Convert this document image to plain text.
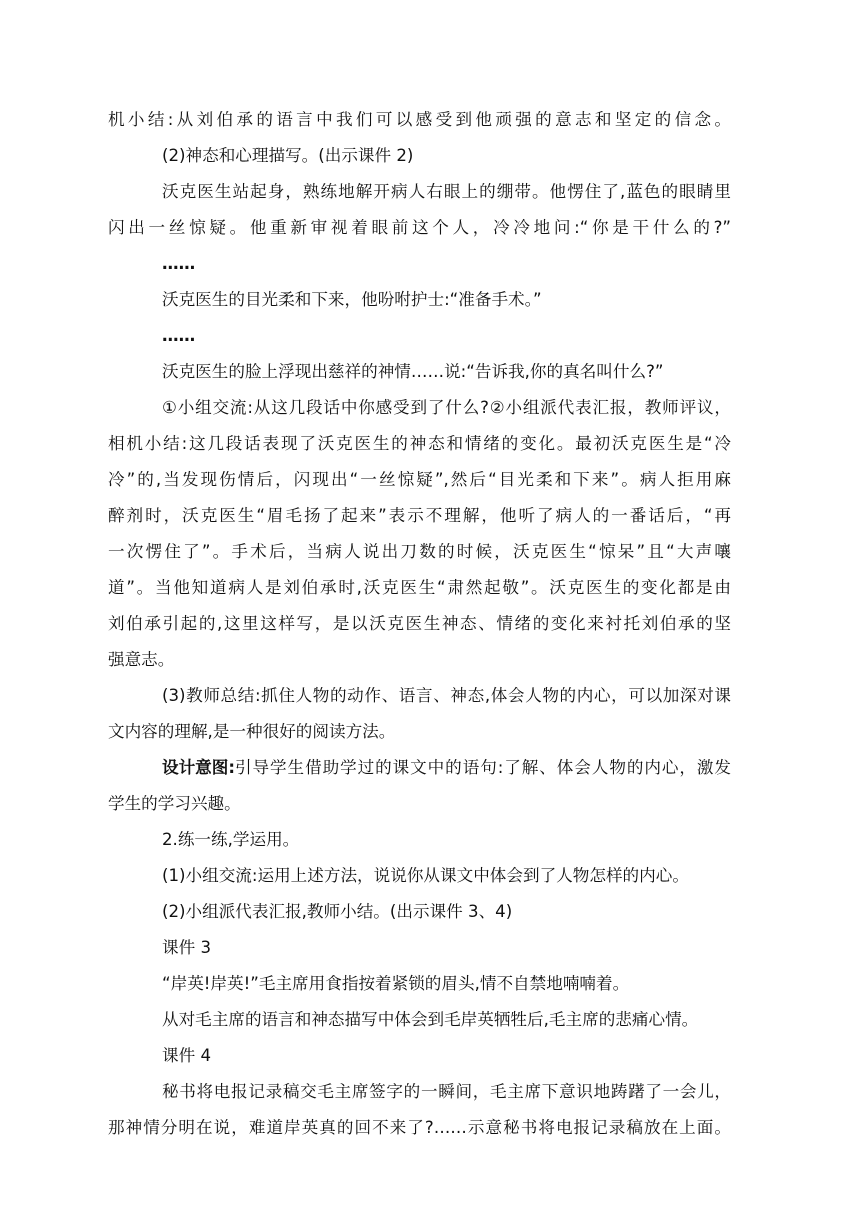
机小结:从刘伯承的语言中我们可以感受到他顽强的意志和坚定的信念。
(2)神态和心理描写。(出示课件 2)
沃克医生站起身，熟练地解开病人右眼上的绷带。他愣住了,蓝色的眼睛里
闪出一丝惊疑。他重新审视着眼前这个人，冷冷地问:“你是干什么的?”
……
沃克医生的目光柔和下来，他吩咐护士:“准备手术。”
……
沃克医生的脸上浮现出慈祥的神情……说:“告诉我,你的真名叫什么?”
①小组交流:从这几段话中你感受到了什么?②小组派代表汇报，教师评议，
相机小结:这几段话表现了沃克医生的神态和情绪的变化。最初沃克医生是“冷
冷”的,当发现伤情后，闪现出“一丝惊疑”,然后“目光柔和下来”。病人拒用麻
醉剂时，沃克医生“眉毛扬了起来”表示不理解，他听了病人的一番话后，“再
一次愣住了”。手术后，当病人说出刀数的时候，沃克医生“惊呆”且“大声嚷
道”。当他知道病人是刘伯承时,沃克医生“肃然起敬”。沃克医生的变化都是由
刘伯承引起的,这里这样写，是以沃克医生神态、情绪的变化来衬托刘伯承的坚
强意志。
(3)教师总结:抓住人物的动作、语言、神态,体会人物的内心，可以加深对课
文内容的理解,是一种很好的阅读方法。
设计意图: 引导学生借助学过的课文中的语句:了解、体会人物的内心，激发
学生的学习兴趣。
2.练一练,学运用。
(1)小组交流:运用上述方法，说说你从课文中体会到了人物怎样的内心。
(2)小组派代表汇报,教师小结。(出示课件 3、4)
课件 3
“岸英!岸英!”毛主席用食指按着紧锁的眉头,情不自禁地喃喃着。
从对毛主席的语言和神态描写中体会到毛岸英牺牲后,毛主席的悲痛心情。
课件 4
秘书将电报记录稿交毛主席签字的一瞬间，毛主席下意识地踌躇了一会儿，
那神情分明在说，难道岸英真的回不来了?……示意秘书将电报记录稿放在上面。
